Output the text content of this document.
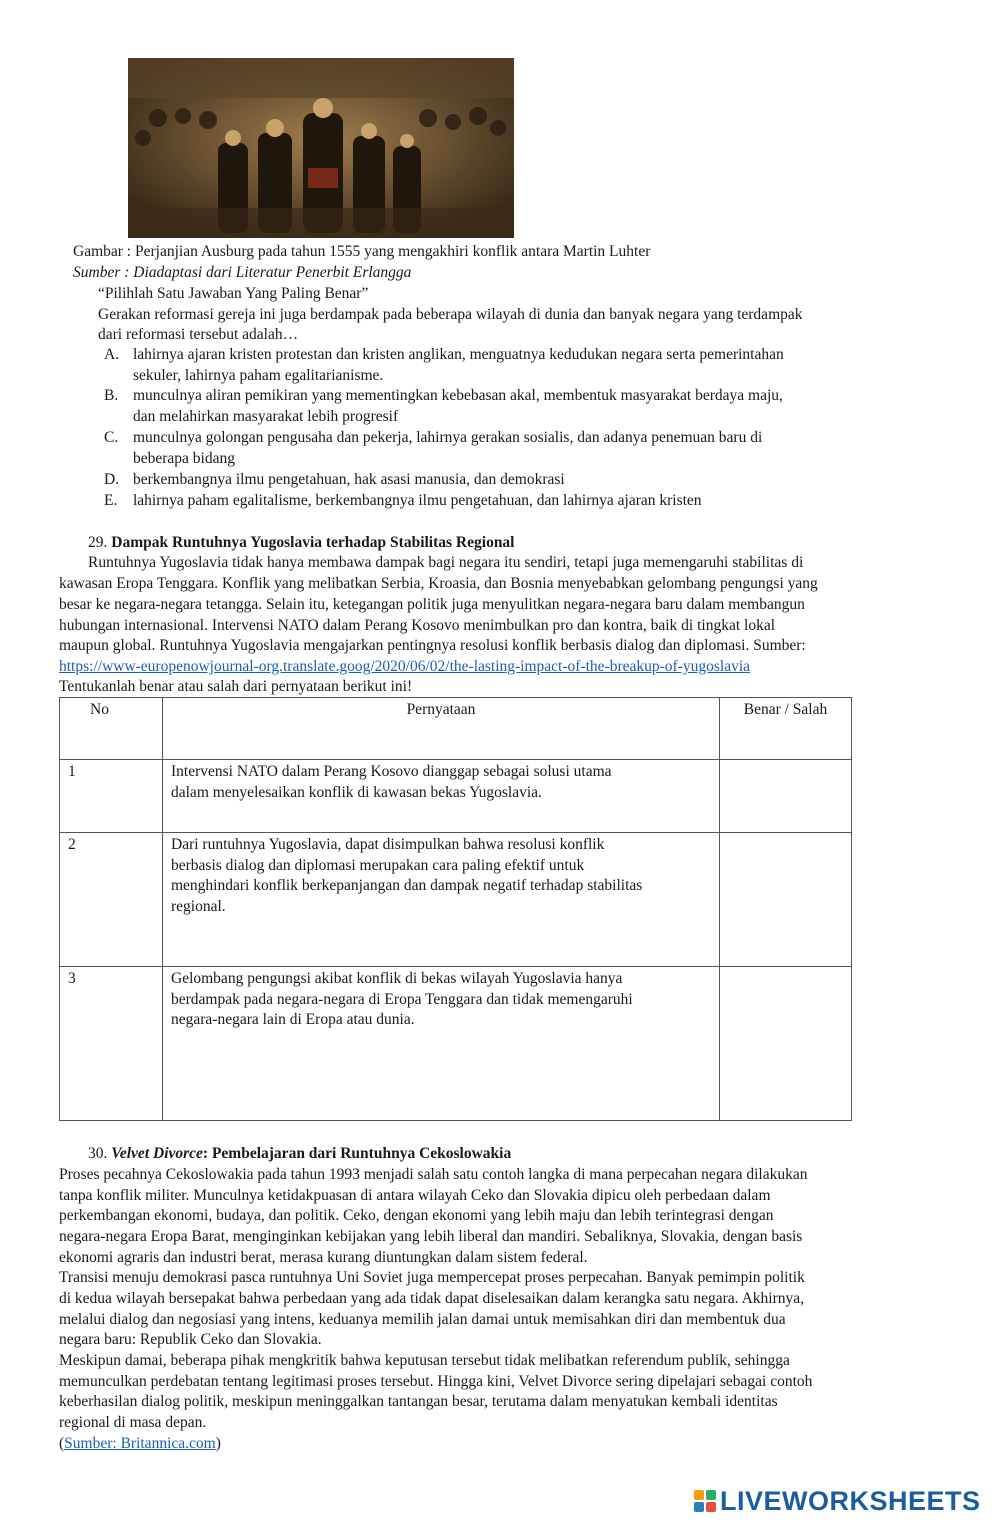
Gambar : Perjanjian Ausburg pada tahun 1555 yang mengakhiri konflik antara Martin Luhter
Sumber : Diadaptasi dari Literatur Penerbit Erlangga
“Pilihlah Satu Jawaban Yang Paling Benar”
Gerakan reformasi gereja ini juga berdampak pada beberapa wilayah di dunia dan banyak negara yang terdampak
dari reformasi tersebut adalah…
A. lahirnya ajaran kristen protestan dan kristen anglikan, menguatnya kedudukan negara serta pemerintahan
sekuler, lahirnya paham egalitarianisme.
B. munculnya aliran pemikiran yang mementingkan kebebasan akal, membentuk masyarakat berdaya maju,
dan melahirkan masyarakat lebih progresif
C. munculnya golongan pengusaha dan pekerja, lahirnya gerakan sosialis, dan adanya penemuan baru di
beberapa bidang
D. berkembangnya ilmu pengetahuan, hak asasi manusia, dan demokrasi
E. lahirnya paham egalitalisme, berkembangnya ilmu pengetahuan, dan lahirnya ajaran kristen
29. Dampak Runtuhnya Yugoslavia terhadap Stabilitas Regional
Runtuhnya Yugoslavia tidak hanya membawa dampak bagi negara itu sendiri, tetapi juga memengaruhi stabilitas di
kawasan Eropa Tenggara. Konflik yang melibatkan Serbia, Kroasia, dan Bosnia menyebabkan gelombang pengungsi yang
besar ke negara-negara tetangga. Selain itu, ketegangan politik juga menyulitkan negara-negara baru dalam membangun
hubungan internasional. Intervensi NATO dalam Perang Kosovo menimbulkan pro dan kontra, baik di tingkat lokal
maupun global. Runtuhnya Yugoslavia mengajarkan pentingnya resolusi konflik berbasis dialog dan diplomasi. Sumber:
https://www-europenowjournal-org.translate.goog/2020/06/02/the-lasting-impact-of-the-breakup-of-yugoslavia
Tentukanlah benar atau salah dari pernyataan berikut ini!
No	Pernyataan	Benar / Salah
1	Intervensi NATO dalam Perang Kosovo dianggap sebagai solusi utama
dalam menyelesaikan konflik di kawasan bekas Yugoslavia.	

2	Dari runtuhnya Yugoslavia, dapat disimpulkan bahwa resolusi konflik
berbasis dialog dan diplomasi merupakan cara paling efektif untuk
menghindari konflik berkepanjangan dan dampak negatif terhadap stabilitas
regional.	

3	Gelombang pengungsi akibat konflik di bekas wilayah Yugoslavia hanya
berdampak pada negara-negara di Eropa Tenggara dan tidak memengaruhi
negara-negara lain di Eropa atau dunia.	

30. Velvet Divorce: Pembelajaran dari Runtuhnya Cekoslowakia
Proses pecahnya Cekoslowakia pada tahun 1993 menjadi salah satu contoh langka di mana perpecahan negara dilakukan
tanpa konflik militer. Munculnya ketidakpuasan di antara wilayah Ceko dan Slovakia dipicu oleh perbedaan dalam
perkembangan ekonomi, budaya, dan politik. Ceko, dengan ekonomi yang lebih maju dan lebih terintegrasi dengan
negara-negara Eropa Barat, menginginkan kebijakan yang lebih liberal dan mandiri. Sebaliknya, Slovakia, dengan basis
ekonomi agraris dan industri berat, merasa kurang diuntungkan dalam sistem federal.
Transisi menuju demokrasi pasca runtuhnya Uni Soviet juga mempercepat proses perpecahan. Banyak pemimpin politik
di kedua wilayah bersepakat bahwa perbedaan yang ada tidak dapat diselesaikan dalam kerangka satu negara. Akhirnya,
melalui dialog dan negosiasi yang intens, keduanya memilih jalan damai untuk memisahkan diri dan membentuk dua
negara baru: Republik Ceko dan Slovakia.
Meskipun damai, beberapa pihak mengkritik bahwa keputusan tersebut tidak melibatkan referendum publik, sehingga
memunculkan perdebatan tentang legitimasi proses tersebut. Hingga kini, Velvet Divorce sering dipelajari sebagai contoh
keberhasilan dialog politik, meskipun meninggalkan tantangan besar, terutama dalam menyatukan kembali identitas
regional di masa depan.
(Sumber: Britannica.com)
LIVEWORKSHEETS
